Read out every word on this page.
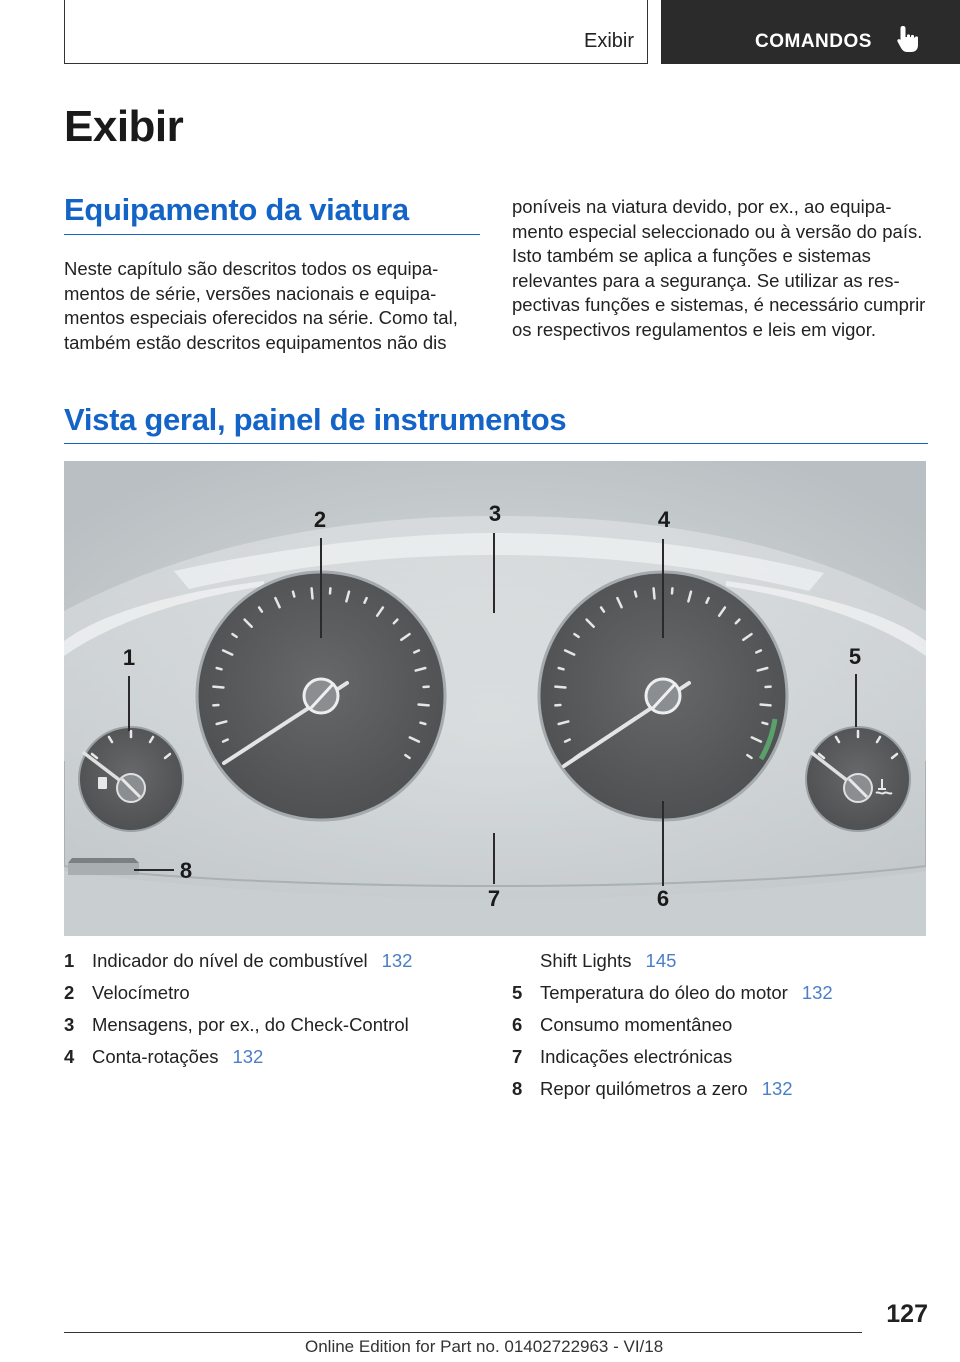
Exibir	COMANDOS
Exibir
Equipamento da viatura
Neste capítulo são descritos todos os equipamentos de série, versões nacionais e equipamentos especiais oferecidos na série. Como tal, também estão descritos equipamentos não dis
poníveis na viatura devido, por ex., ao equipamento especial seleccionado ou à versão do país. Isto também se aplica a funções e sistemas relevantes para a segurança. Se utilizar as respectivas funções e sistemas, é necessário cumprir os respectivos regulamentos e leis em vigor.
Vista geral, painel de instrumentos
1
2	3	4
5
6
7
8
1 Indicador do nível de combustível 132
2 Velocímetro
3 Mensagens, por ex., do Check-Control
4 Conta-rotações 132
Shift Lights 145
5 Temperatura do óleo do motor 132
6 Consumo momentâneo
7 Indicações electrónicas
8 Repor quilómetros a zero 132
127
Online Edition for Part no. 01402722963 - VI/18
